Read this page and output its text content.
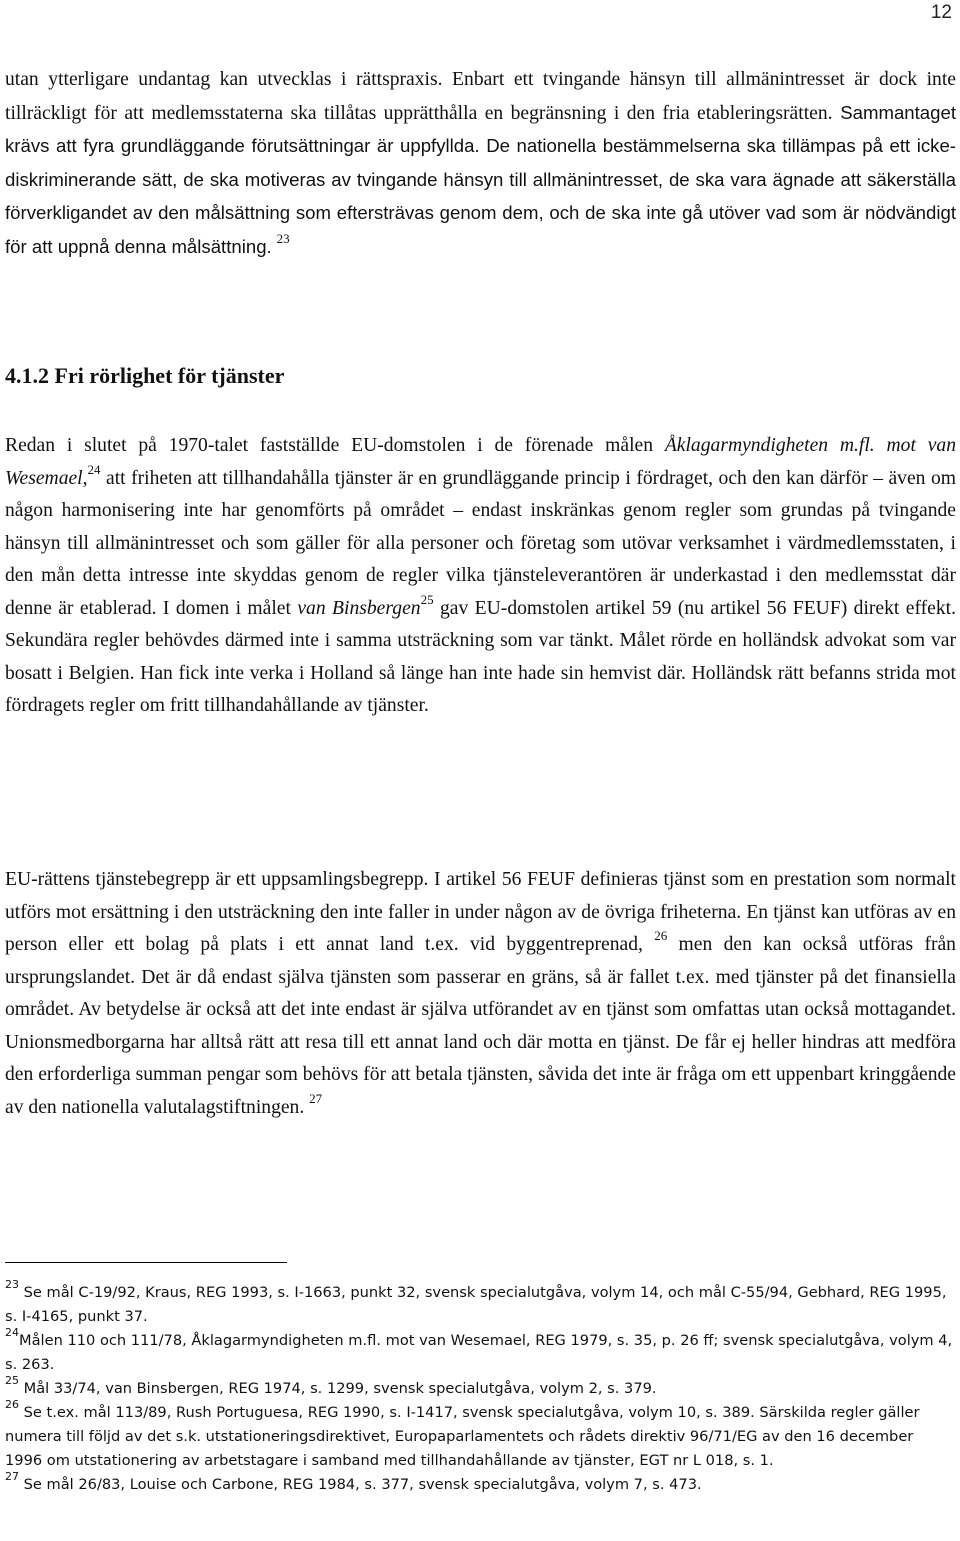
12

utan ytterligare undantag kan utvecklas i rättspraxis. Enbart ett tvingande hänsyn till allmänintresset är dock inte tillräckligt för att medlemsstaterna ska tillåtas upprätthålla en begränsning i den fria etableringsrätten. Sammantaget krävs att fyra grundläggande förutsättningar är uppfyllda. De nationella bestämmelserna ska tillämpas på ett icke-diskriminerande sätt, de ska motiveras av tvingande hänsyn till allmänintresset, de ska vara ägnade att säkerställa förverkligandet av den målsättning som eftersträvas genom dem, och de ska inte gå utöver vad som är nödvändigt för att uppnå denna målsättning. $^{23}$

4.1.2 Fri rörlighet för tjänster

Redan i slutet på 1970-talet fastställde EU-domstolen i de förenade målen Åklagarmyndigheten m.fl. mot van Wesemael,$^{24}$ att friheten att tillhandahålla tjänster är en grundläggande princip i fördraget, och den kan därför – även om någon harmonisering inte har genomförts på området – endast inskränkas genom regler som grundas på tvingande hänsyn till allmänintresset och som gäller för alla personer och företag som utövar verksamhet i värdmedlemsstaten, i den mån detta intresse inte skyddas genom de regler vilka tjänsteleverantören är underkastad i den medlemsstat där denne är etablerad. I domen i målet van Binsbergen$^{25}$ gav EU-domstolen artikel 59 (nu artikel 56 FEUF) direkt effekt. Sekundära regler behövdes därmed inte i samma utsträckning som var tänkt. Målet rörde en holländsk advokat som var bosatt i Belgien. Han fick inte verka i Holland så länge han inte hade sin hemvist där. Holländsk rätt befanns strida mot fördragets regler om fritt tillhandahållande av tjänster.

EU-rättens tjänstebegrepp är ett uppsamlingsbegrepp. I artikel 56 FEUF definieras tjänst som en prestation som normalt utförs mot ersättning i den utsträckning den inte faller in under någon av de övriga friheterna. En tjänst kan utföras av en person eller ett bolag på plats i ett annat land t.ex. vid byggentreprenad, $^{26}$ men den kan också utföras från ursprungslandet. Det är då endast själva tjänsten som passerar en gräns, så är fallet t.ex. med tjänster på det finansiella området. Av betydelse är också att det inte endast är själva utförandet av en tjänst som omfattas utan också mottagandet. Unionsmedborgarna har alltså rätt att resa till ett annat land och där motta en tjänst. De får ej heller hindras att medföra den erforderliga summan pengar som behövs för att betala tjänsten, såvida det inte är fråga om ett uppenbart kringgående av den nationella valutalagstiftningen. $^{27}$

$^{23}$ Se mål C-19/92, Kraus, REG 1993, s. I-1663, punkt 32, svensk specialutgåva, volym 14, och mål C-55/94, Gebhard, REG 1995, s. I-4165, punkt 37.

$^{24}$Målen 110 och 111/78, Åklagarmyndigheten m.fl. mot van Wesemael, REG 1979, s. 35, p. 26 ff; svensk specialutgåva, volym 4, s. 263.

$^{25}$ Mål 33/74, van Binsbergen, REG 1974, s. 1299, svensk specialutgåva, volym 2, s. 379.

$^{26}$ Se t.ex. mål 113/89, Rush Portuguesa, REG 1990, s. I-1417, svensk specialutgåva, volym 10, s. 389. Särskilda regler gäller numera till följd av det s.k. utstationeringsdirektivet, Europaparlamentets och rådets direktiv 96/71/EG av den 16 december 1996 om utstationering av arbetstagare i samband med tillhandahållande av tjänster, EGT nr L 018, s. 1.

$^{27}$ Se mål 26/83, Louise och Carbone, REG 1984, s. 377, svensk specialutgåva, volym 7, s. 473.
